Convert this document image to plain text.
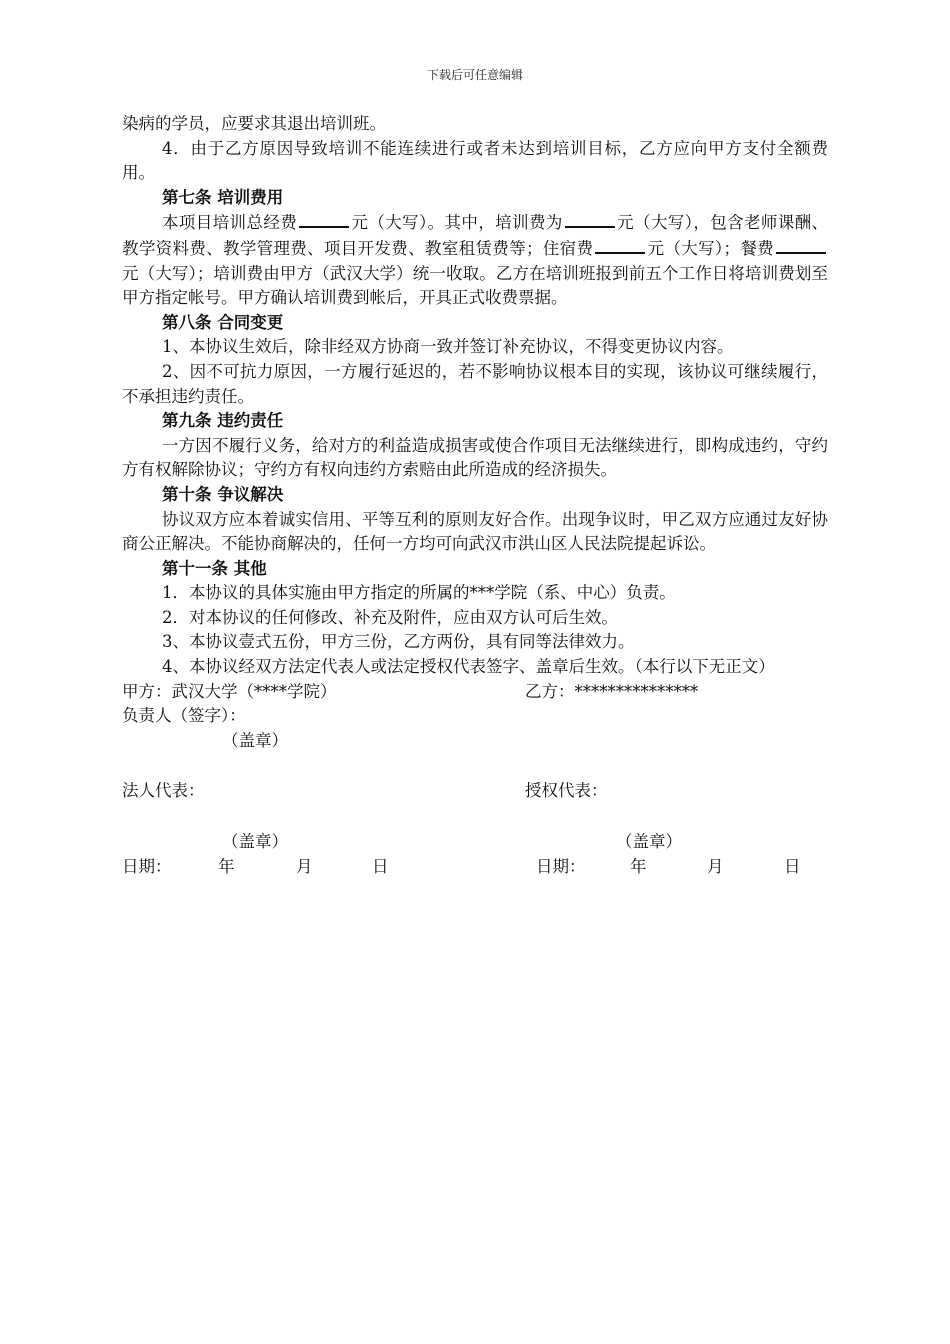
下载后可任意编辑

染病的学员，应要求其退出培训班。

4．由于乙方原因导致培训不能连续进行或者未达到培训目标，乙方应向甲方支付全额费用。

第七条 培训费用

本项目培训总经费	元（大写）。其中，培训费为	元（大写），包含老师课酬、教学资料费、教学管理费、项目开发费、教室租赁费等；住宿费	元（大写）；餐费元（大写）；培训费由甲方（武汉大学）统一收取。乙方在培训班报到前五个工作日将培训费划至甲方指定帐号。甲方确认培训费到帐后，开具正式收费票据。

第八条 合同变更

1、本协议生效后，除非经双方协商一致并签订补充协议，不得变更协议内容。

2、因不可抗力原因，一方履行延迟的，若不影响协议根本目的实现，该协议可继续履行，不承担违约责任。

第九条 违约责任

一方因不履行义务，给对方的利益造成损害或使合作项目无法继续进行，即构成违约，守约方有权解除协议；守约方有权向违约方索赔由此所造成的经济损失。

第十条 争议解决

协议双方应本着诚实信用、平等互利的原则友好合作。出现争议时，甲乙双方应通过友好协商公正解决。不能协商解决的，任何一方均可向武汉市洪山区人民法院提起诉讼。

第十一条 其他

1．本协议的具体实施由甲方指定的所属的***学院（系、中心）负责。

2．对本协议的任何修改、补充及附件，应由双方认可后生效。

3、本协议壹式五份，甲方三份，乙方两份，具有同等法律效力。

4、本协议经双方法定代表人或法定授权代表签字、盖章后生效。（本行以下无正文）

甲方：武汉大学（****学院）	乙方：***************
负责人（签字）：
（盖章）
法人代表：	授权代表：
（盖章）	（盖章）
日期：	年	月	日	日期：	年	月	日
